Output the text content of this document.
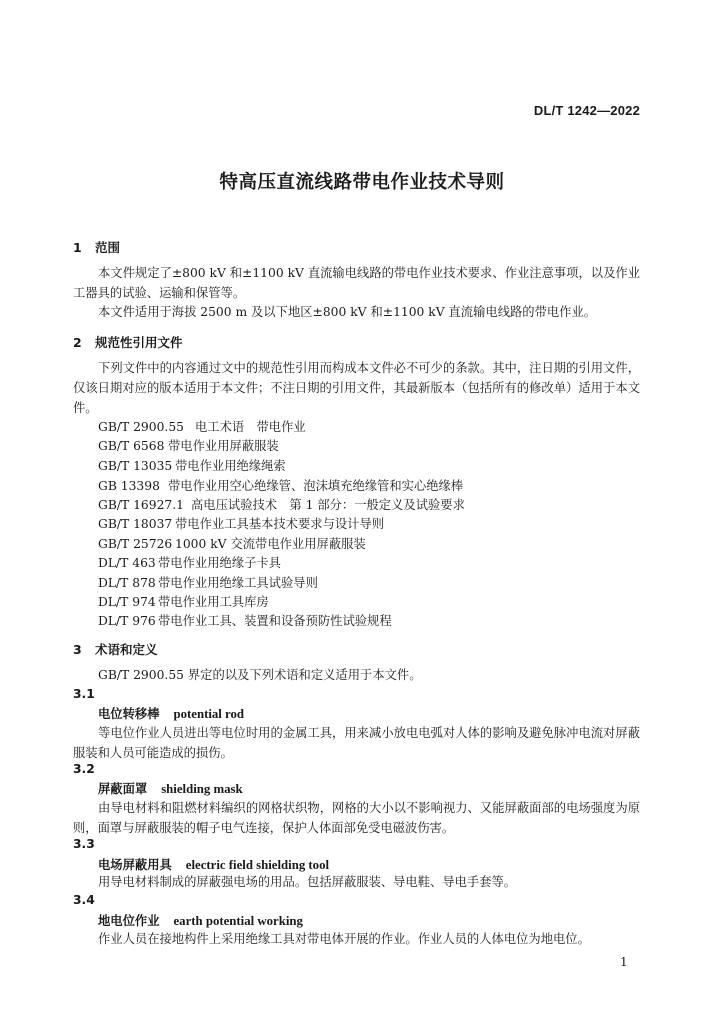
DL/T 1242—2022
特高压直流线路带电作业技术导则
1 范围
本文件规定了±800 kV 和±1100 kV 直流输电线路的带电作业技术要求、作业注意事项，以及作业工器具的试验、运输和保管等。
本文件适用于海拔 2500 m 及以下地区±800 kV 和±1100 kV 直流输电线路的带电作业。
2 规范性引用文件
下列文件中的内容通过文中的规范性引用而构成本文件必不可少的条款。其中，注日期的引用文件，仅该日期对应的版本适用于本文件；不注日期的引用文件，其最新版本（包括所有的修改单）适用于本文件。
GB/T 2900.55 电工术语　带电作业
GB/T 6568 带电作业用屏蔽服装
GB/T 13035 带电作业用绝缘绳索
GB 13398 带电作业用空心绝缘管、泡沫填充绝缘管和实心绝缘棒
GB/T 16927.1 高电压试验技术　第 1 部分：一般定义及试验要求
GB/T 18037 带电作业工具基本技术要求与设计导则
GB/T 25726 1000 kV 交流带电作业用屏蔽服装
DL/T 463 带电作业用绝缘子卡具
DL/T 878 带电作业用绝缘工具试验导则
DL/T 974 带电作业用工具库房
DL/T 976 带电作业工具、装置和设备预防性试验规程
3 术语和定义
GB/T 2900.55 界定的以及下列术语和定义适用于本文件。
3.1
电位转移棒 potential rod
等电位作业人员进出等电位时用的金属工具，用来减小放电电弧对人体的影响及避免脉冲电流对屏蔽服装和人员可能造成的损伤。
3.2
屏蔽面罩 shielding mask
由导电材料和阻燃材料编织的网格状织物，网格的大小以不影响视力、又能屏蔽面部的电场强度为原则，面罩与屏蔽服装的帽子电气连接，保护人体面部免受电磁波伤害。
3.3
电场屏蔽用具 electric field shielding tool
用导电材料制成的屏蔽强电场的用品。包括屏蔽服装、导电鞋、导电手套等。
3.4
地电位作业 earth potential working
作业人员在接地构件上采用绝缘工具对带电体开展的作业。作业人员的人体电位为地电位。
1
